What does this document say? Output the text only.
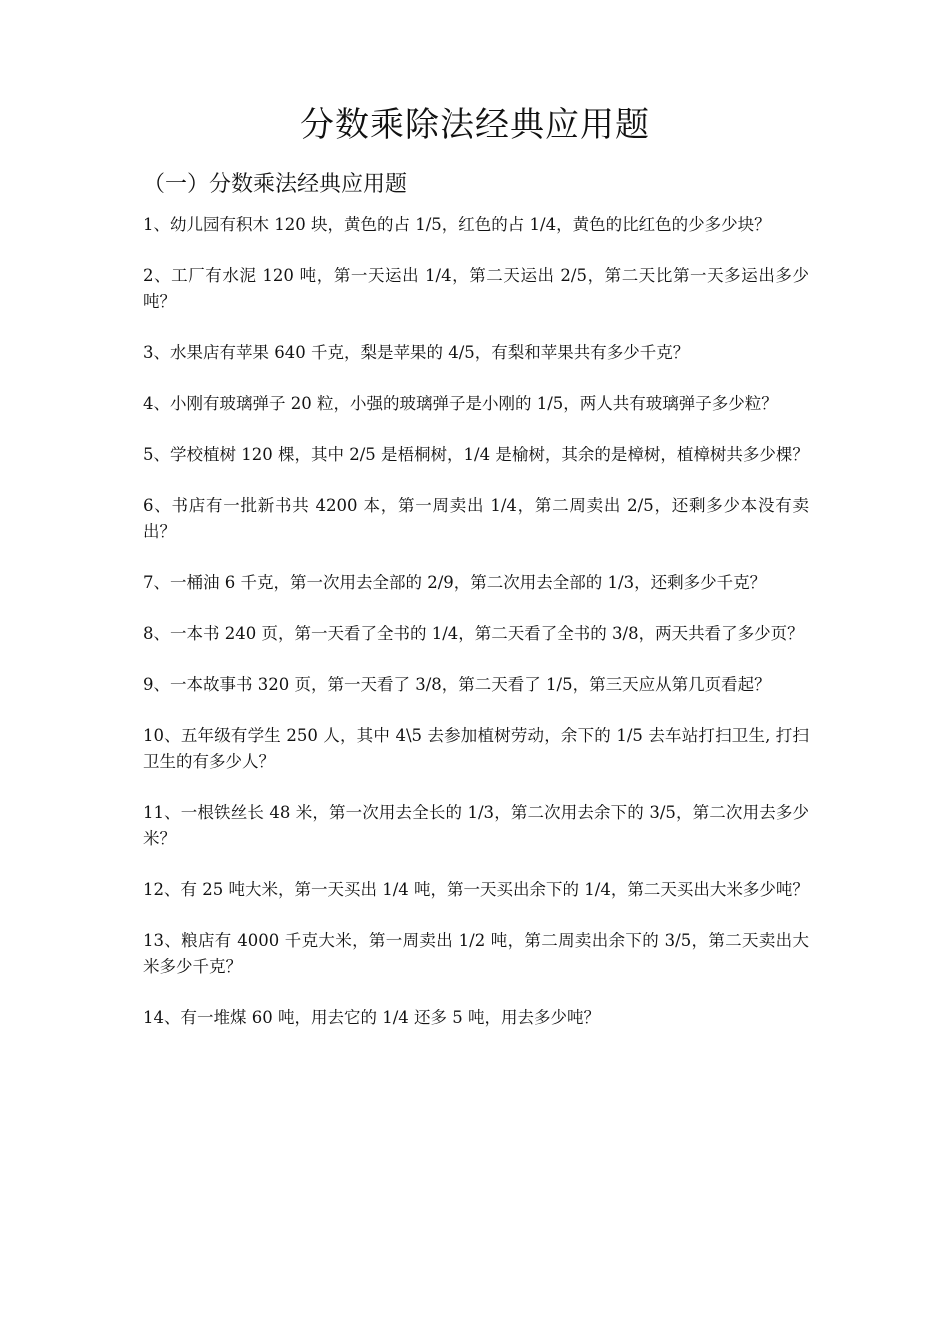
分数乘除法经典应用题
（一）分数乘法经典应用题
1、幼儿园有积木 120 块，黄色的占 1/5，红色的占 1/4，黄色的比红色的少多少块？
2、工厂有水泥 120 吨，第一天运出 1/4，第二天运出 2/5，第二天比第一天多运出多少吨？
3、水果店有苹果 640 千克，梨是苹果的 4/5，有梨和苹果共有多少千克？
4、小刚有玻璃弹子 20 粒，小强的玻璃弹子是小刚的 1/5，两人共有玻璃弹子多少粒？
5、学校植树 120 棵，其中 2/5 是梧桐树，1/4 是榆树，其余的是樟树，植樟树共多少棵？
6、书店有一批新书共 4200 本，第一周卖出 1/4，第二周卖出 2/5，还剩多少本没有卖出？
7、一桶油 6 千克，第一次用去全部的 2/9，第二次用去全部的 1/3，还剩多少千克？
8、一本书 240 页，第一天看了全书的 1/4，第二天看了全书的 3/8，两天共看了多少页？
9、一本故事书 320 页，第一天看了 3/8，第二天看了 1/5，第三天应从第几页看起？
10、五年级有学生 250 人，其中 4\5 去参加植树劳动，余下的 1/5 去车站打扫卫生, 打扫卫生的有多少人？
11、一根铁丝长 48 米，第一次用去全长的 1/3，第二次用去余下的 3/5，第二次用去多少米？
12、有 25 吨大米，第一天买出 1/4 吨，第一天买出余下的 1/4，第二天买出大米多少吨？
13、粮店有 4000 千克大米，第一周卖出 1/2 吨，第二周卖出余下的 3/5，第二天卖出大米多少千克？
14、有一堆煤 60 吨，用去它的 1/4 还多 5 吨，用去多少吨？
